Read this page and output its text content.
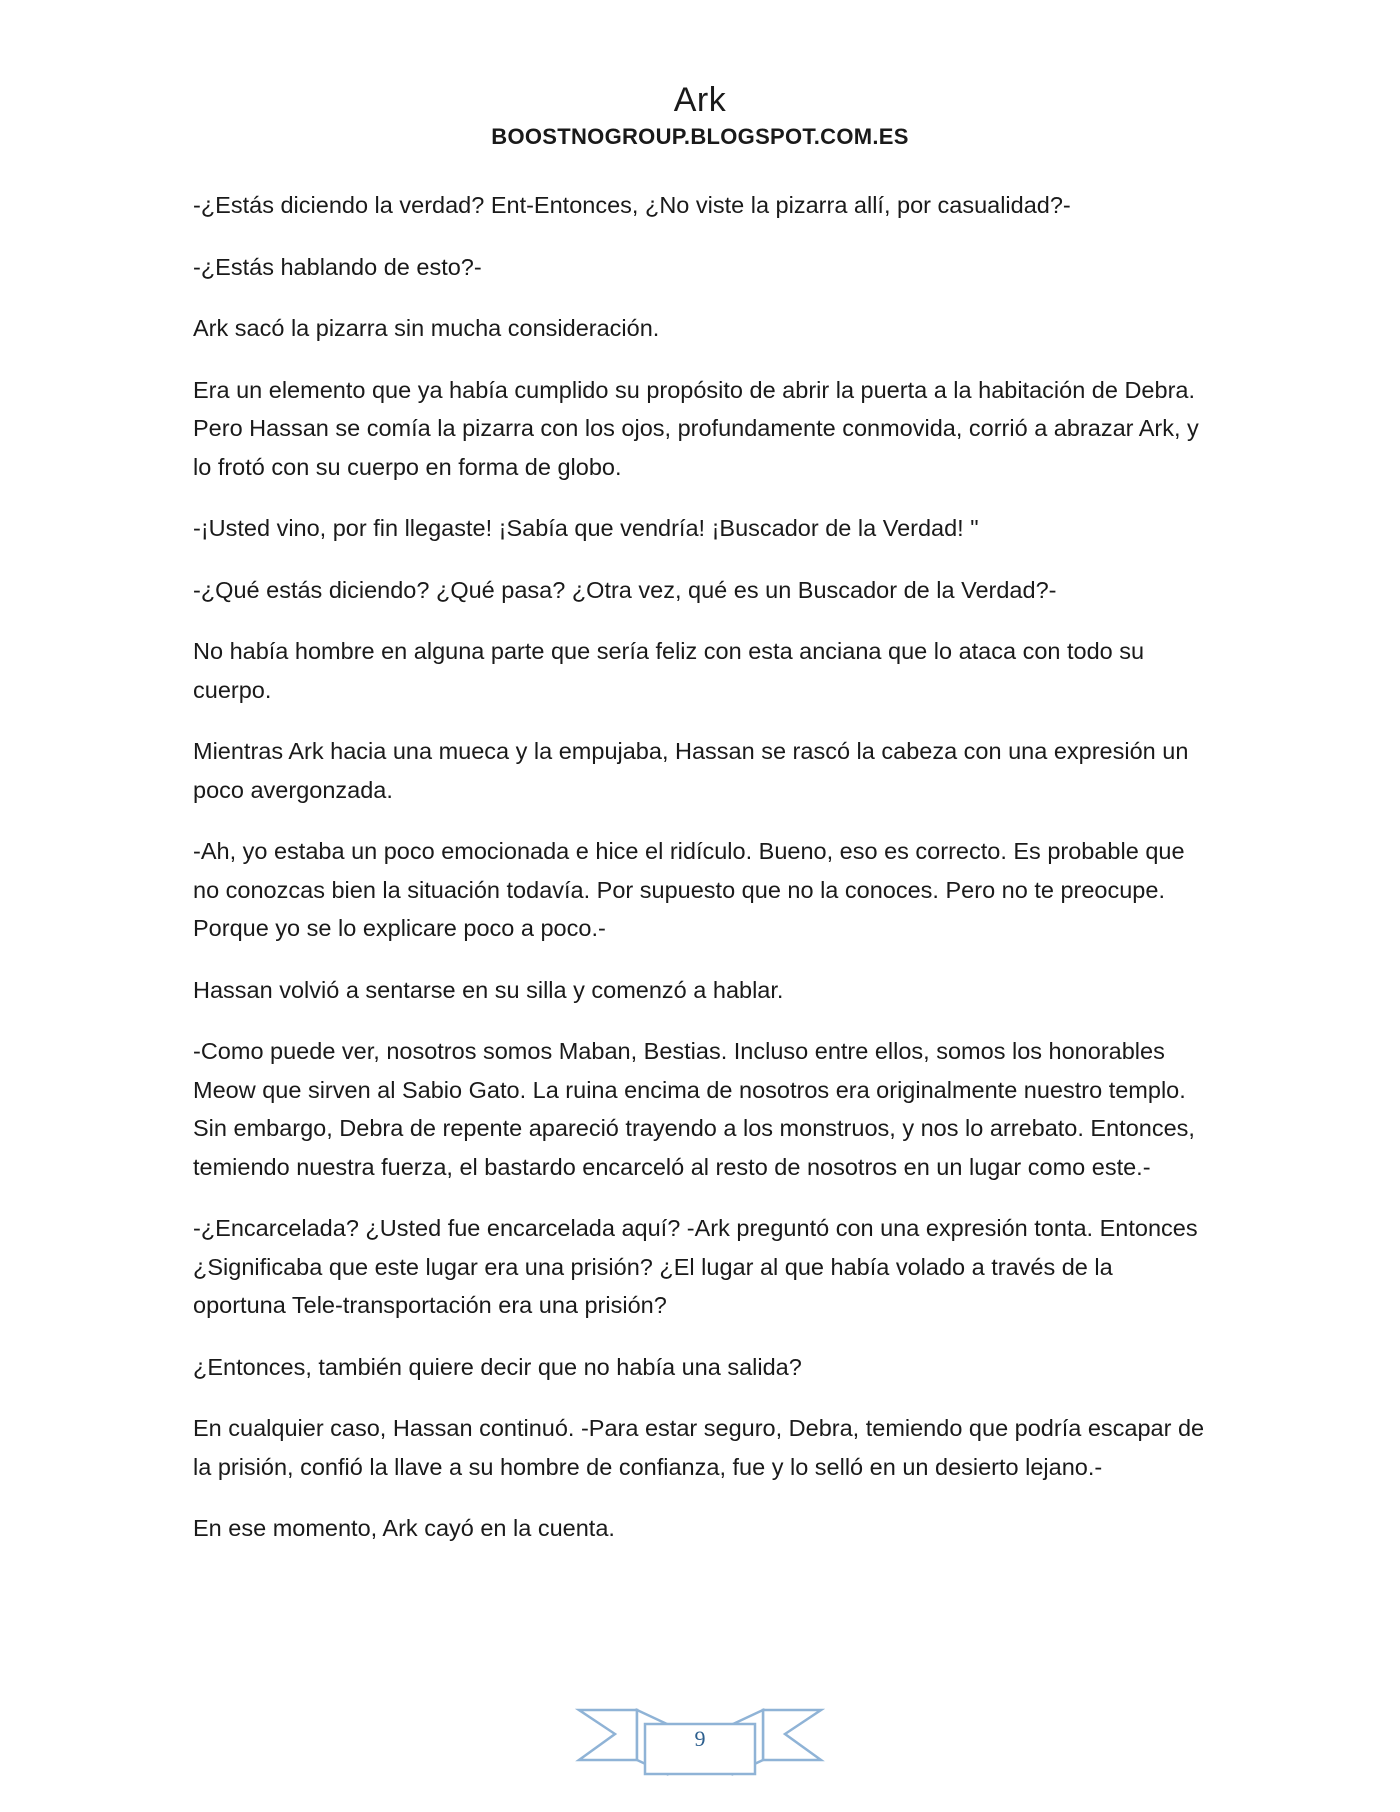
Ark

BOOSTNOGROUP.BLOGSPOT.COM.ES

-¿Estás diciendo la verdad? Ent-Entonces, ¿No viste la pizarra allí, por casualidad?-

-¿Estás hablando de esto?-

Ark sacó la pizarra sin mucha consideración.

Era un elemento que ya había cumplido su propósito de abrir la puerta a la habitación de Debra. Pero Hassan se comía la pizarra con los ojos, profundamente conmovida, corrió a abrazar Ark, y lo frotó con su cuerpo en forma de globo.

-¡Usted vino, por fin llegaste! ¡Sabía que vendría! ¡Buscador de la Verdad! "

-¿Qué estás diciendo? ¿Qué pasa? ¿Otra vez, qué es un Buscador de la Verdad?-

No había hombre en alguna parte que sería feliz con esta anciana que lo ataca con todo su cuerpo.

Mientras Ark hacia una mueca y la empujaba, Hassan se rascó la cabeza con una expresión un poco avergonzada.

-Ah, yo estaba un poco emocionada e hice el ridículo. Bueno, eso es correcto. Es probable que no conozcas bien la situación todavía. Por supuesto que no la conoces. Pero no te preocupe. Porque yo se lo explicare poco a poco.-

Hassan volvió a sentarse en su silla y comenzó a hablar.

-Como puede ver, nosotros somos Maban, Bestias. Incluso entre ellos, somos los honorables Meow que sirven al Sabio Gato. La ruina encima de nosotros era originalmente nuestro templo. Sin embargo, Debra de repente apareció trayendo a los monstruos, y nos lo arrebato. Entonces, temiendo nuestra fuerza, el bastardo encarceló al resto de nosotros en un lugar como este.-

-¿Encarcelada? ¿Usted fue encarcelada aquí? -Ark preguntó con una expresión tonta. Entonces ¿Significaba que este lugar era una prisión? ¿El lugar al que había volado a través de la oportuna Tele-transportación era una prisión?

¿Entonces, también quiere decir que no había una salida?

En cualquier caso, Hassan continuó. -Para estar seguro, Debra, temiendo que podría escapar de la prisión, confió la llave a su hombre de confianza, fue y lo selló en un desierto lejano.-

En ese momento, Ark cayó en la cuenta.

9
